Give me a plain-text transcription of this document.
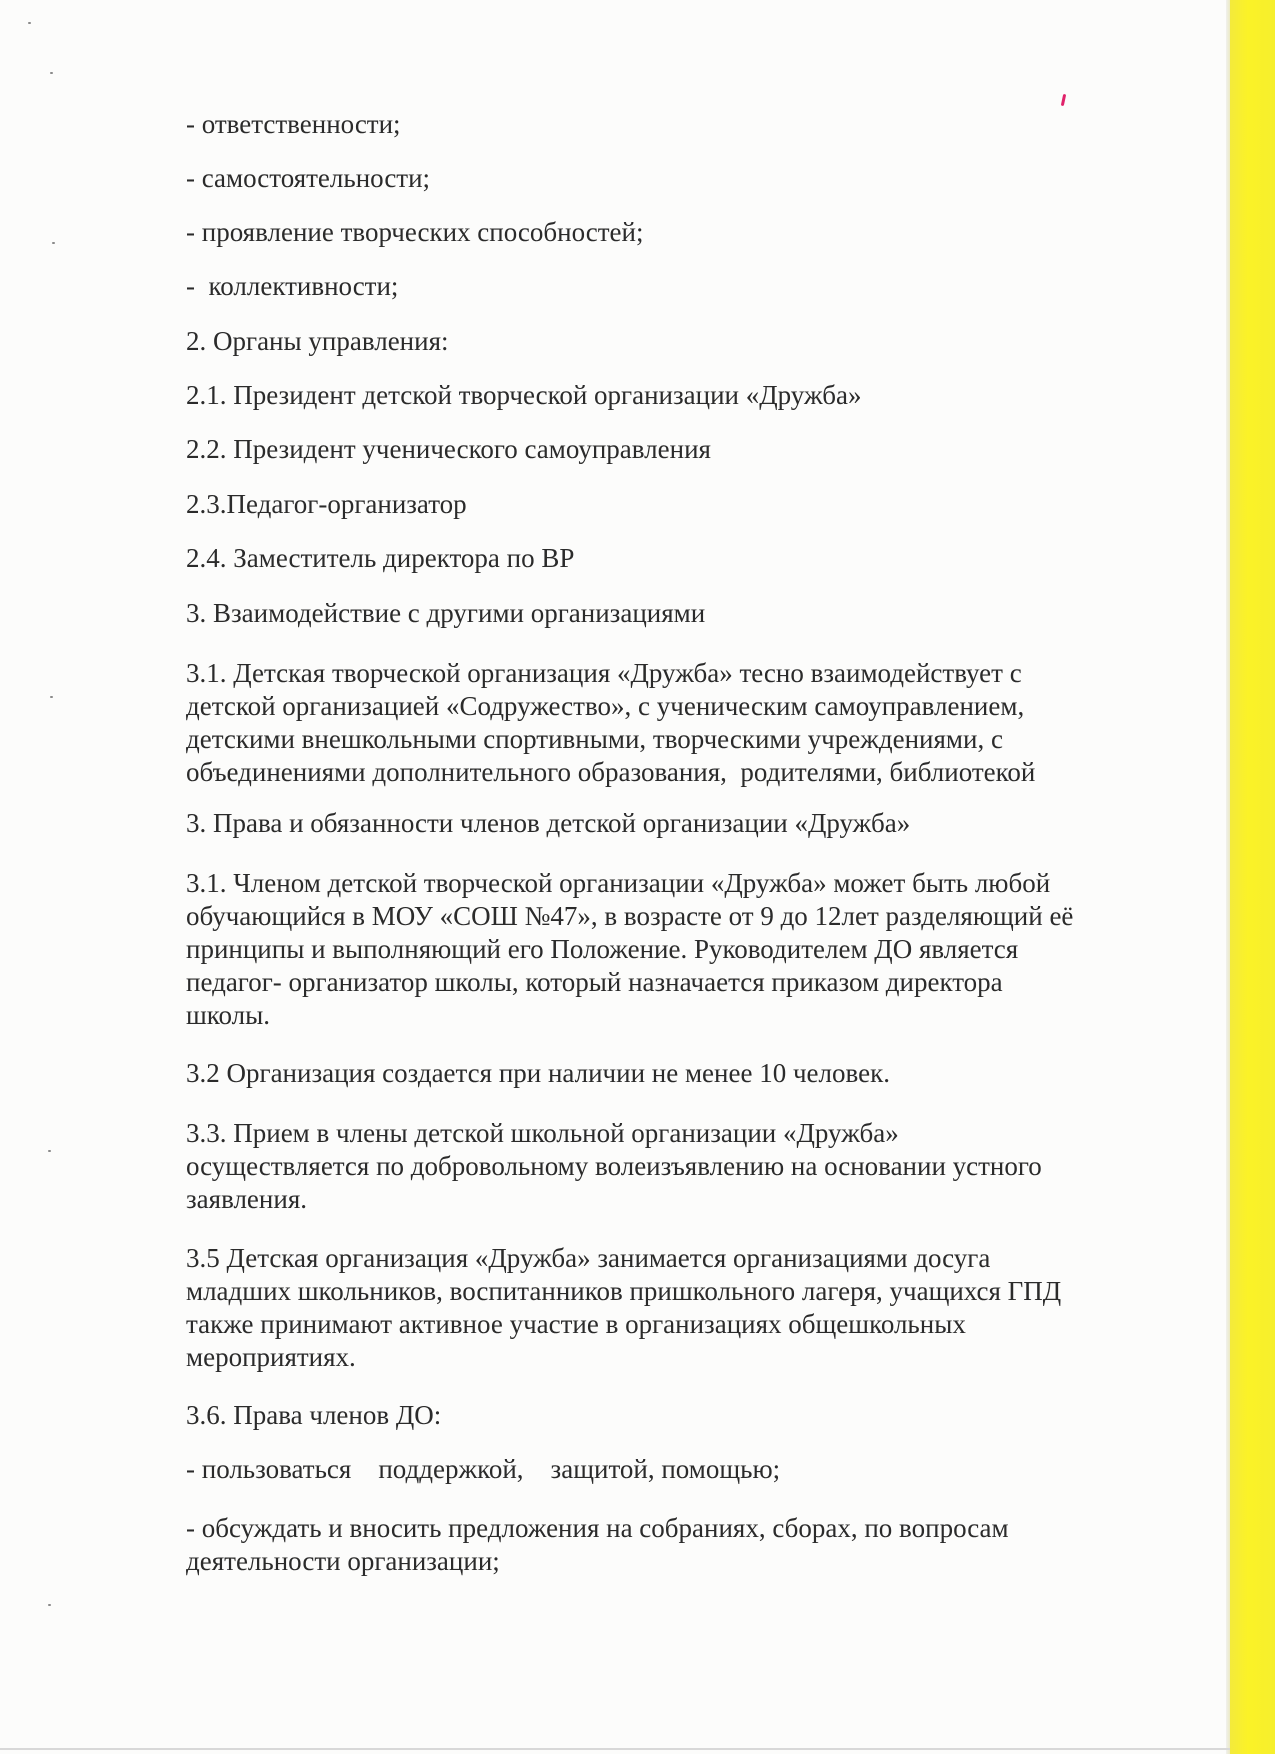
- ответственности;

- самостоятельности;

- проявление творческих способностей;

-  коллективности;

2. Органы управления:

2.1. Президент детской творческой организации «Дружба»

2.2. Президент ученического самоуправления

2.3.Педагог-организатор

2.4. Заместитель директора по ВР

3. Взаимодействие с другими организациями

3.1. Детская творческой организация «Дружба» тесно взаимодействует с
детской организацией «Содружество», с ученическим самоуправлением,
детскими внешкольными спортивными, творческими учреждениями, с
объединениями дополнительного образования,  родителями, библиотекой

3. Права и обязанности членов детской организации «Дружба»

3.1. Членом детской творческой организации «Дружба» может быть любой
обучающийся в МОУ «СОШ №47», в возрасте от 9 до 12лет разделяющий её
принципы и выполняющий его Положение. Руководителем ДО является
педагог- организатор школы, который назначается приказом директора
школы.

3.2 Организация создается при наличии не менее 10 человек.

3.3. Прием в члены детской школьной организации «Дружба»
осуществляется по добровольному волеизъявлению на основании устного
заявления.

3.5 Детская организация «Дружба» занимается организациями досуга
младших школьников, воспитанников пришкольного лагеря, учащихся ГПД
также принимают активное участие в организациях общешкольных
мероприятиях.

3.6. Права членов ДО:

- пользоваться    поддержкой,    защитой, помощью;

- обсуждать и вносить предложения на собраниях, сборах, по вопросам
деятельности организации;
